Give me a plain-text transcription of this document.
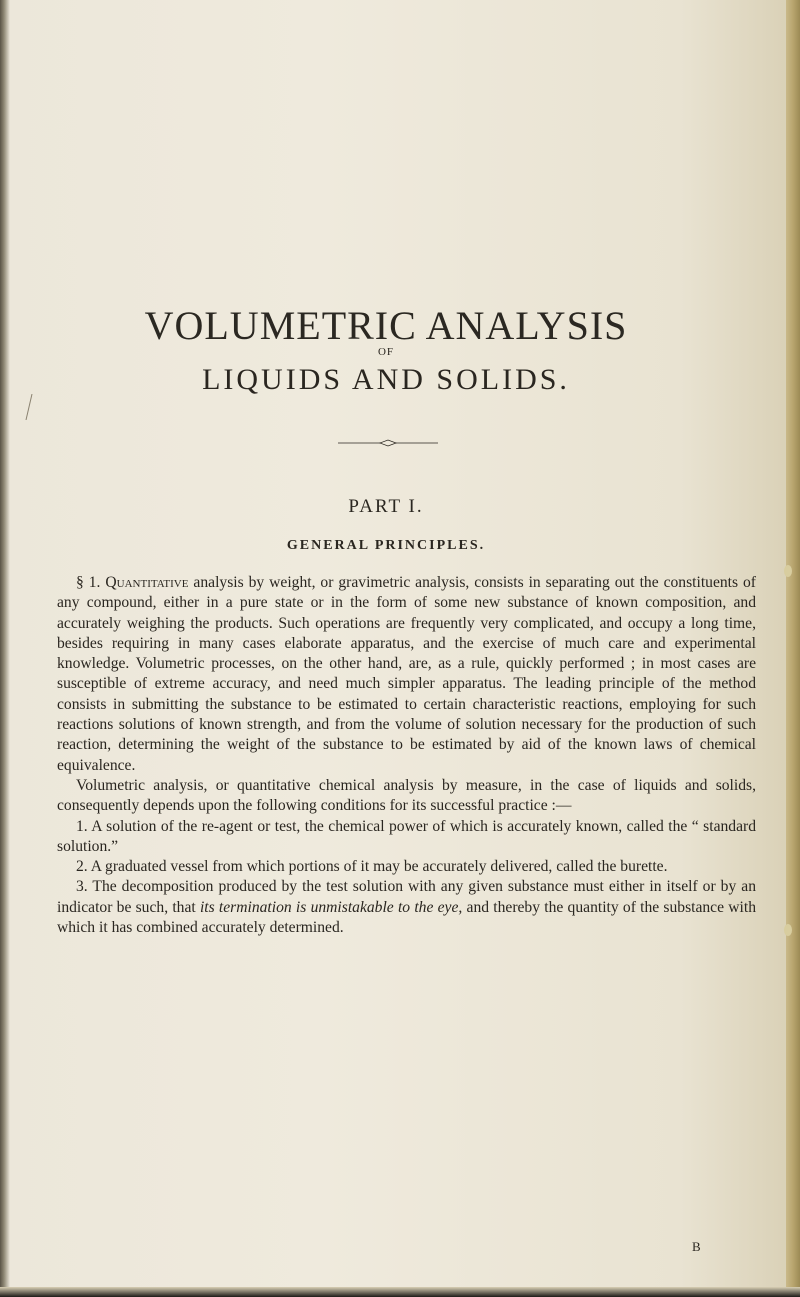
VOLUMETRIC ANALYSIS
OF
LIQUIDS AND SOLIDS.
PART I.
GENERAL PRINCIPLES.

§ 1. Quantitative analysis by weight, or gravimetric analysis, consists in separating out the constituents of any compound, either in a pure state or in the form of some new substance of known composition, and accurately weighing the products. Such operations are frequently very complicated, and occupy a long time, besides requiring in many cases elaborate apparatus, and the exercise of much care and experimental knowledge. Volumetric processes, on the other hand, are, as a rule, quickly performed ; in most cases are susceptible of extreme accuracy, and need much simpler apparatus. The leading principle of the method consists in submitting the substance to be estimated to certain characteristic reactions, employing for such reactions solutions of known strength, and from the volume of solution necessary for the production of such reaction, determining the weight of the substance to be estimated by aid of the known laws of chemical equivalence.

Volumetric analysis, or quantitative chemical analysis by measure, in the case of liquids and solids, consequently depends upon the following conditions for its successful practice :—

1. A solution of the re-agent or test, the chemical power of which is accurately known, called the “ standard solution.”

2. A graduated vessel from which portions of it may be accurately delivered, called the burette.

3. The decomposition produced by the test solution with any given substance must either in itself or by an indicator be such, that its termination is unmistakable to the eye, and thereby the quantity of the substance with which it has combined accurately determined.

B
